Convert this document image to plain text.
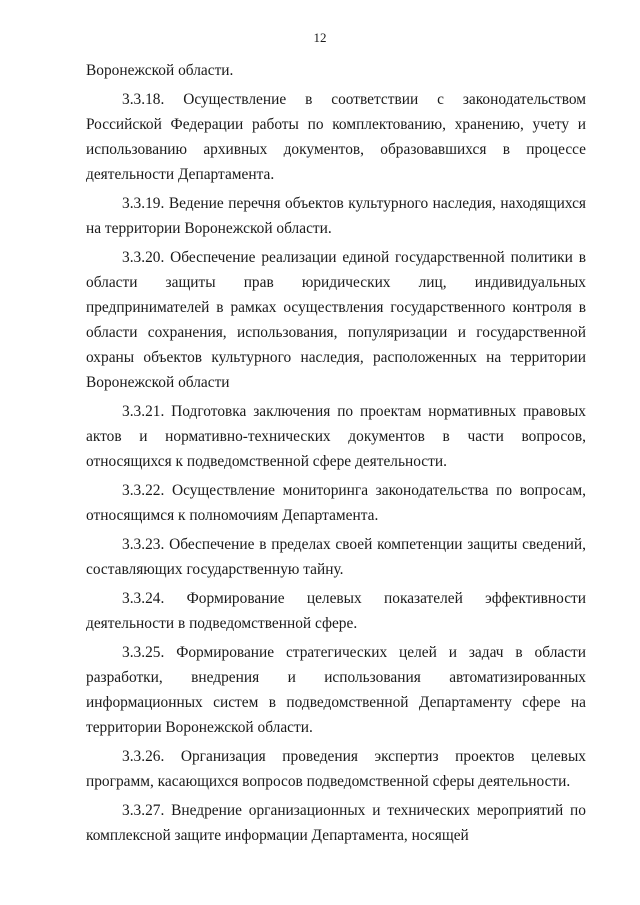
12

Воронежской области.

3.3.18. Осуществление в соответствии с законодательством Российской Федерации работы по комплектованию, хранению, учету и использованию архивных документов, образовавшихся в процессе деятельности Департамента.

3.3.19. Ведение перечня объектов культурного наследия, находящихся на территории Воронежской области.

3.3.20. Обеспечение реализации единой государственной политики в области защиты прав юридических лиц, индивидуальных предпринимателей в рамках осуществления государственного контроля в области сохранения, использования, популяризации и государственной охраны объектов культурного наследия, расположенных на территории Воронежской области

3.3.21. Подготовка заключения по проектам нормативных правовых актов и нормативно-технических документов в части вопросов, относящихся к подведомственной сфере деятельности.

3.3.22. Осуществление мониторинга законодательства по вопросам, относящимся к полномочиям Департамента.

3.3.23. Обеспечение в пределах своей компетенции защиты сведений, составляющих государственную тайну.

3.3.24. Формирование целевых показателей эффективности деятельности в подведомственной сфере.

3.3.25. Формирование стратегических целей и задач в области разработки, внедрения и использования автоматизированных информационных систем в подведомственной Департаменту сфере на территории Воронежской области.

3.3.26. Организация проведения экспертиз проектов целевых программ, касающихся вопросов подведомственной сферы деятельности.

3.3.27. Внедрение организационных и технических мероприятий по комплексной защите информации Департамента, носящей
